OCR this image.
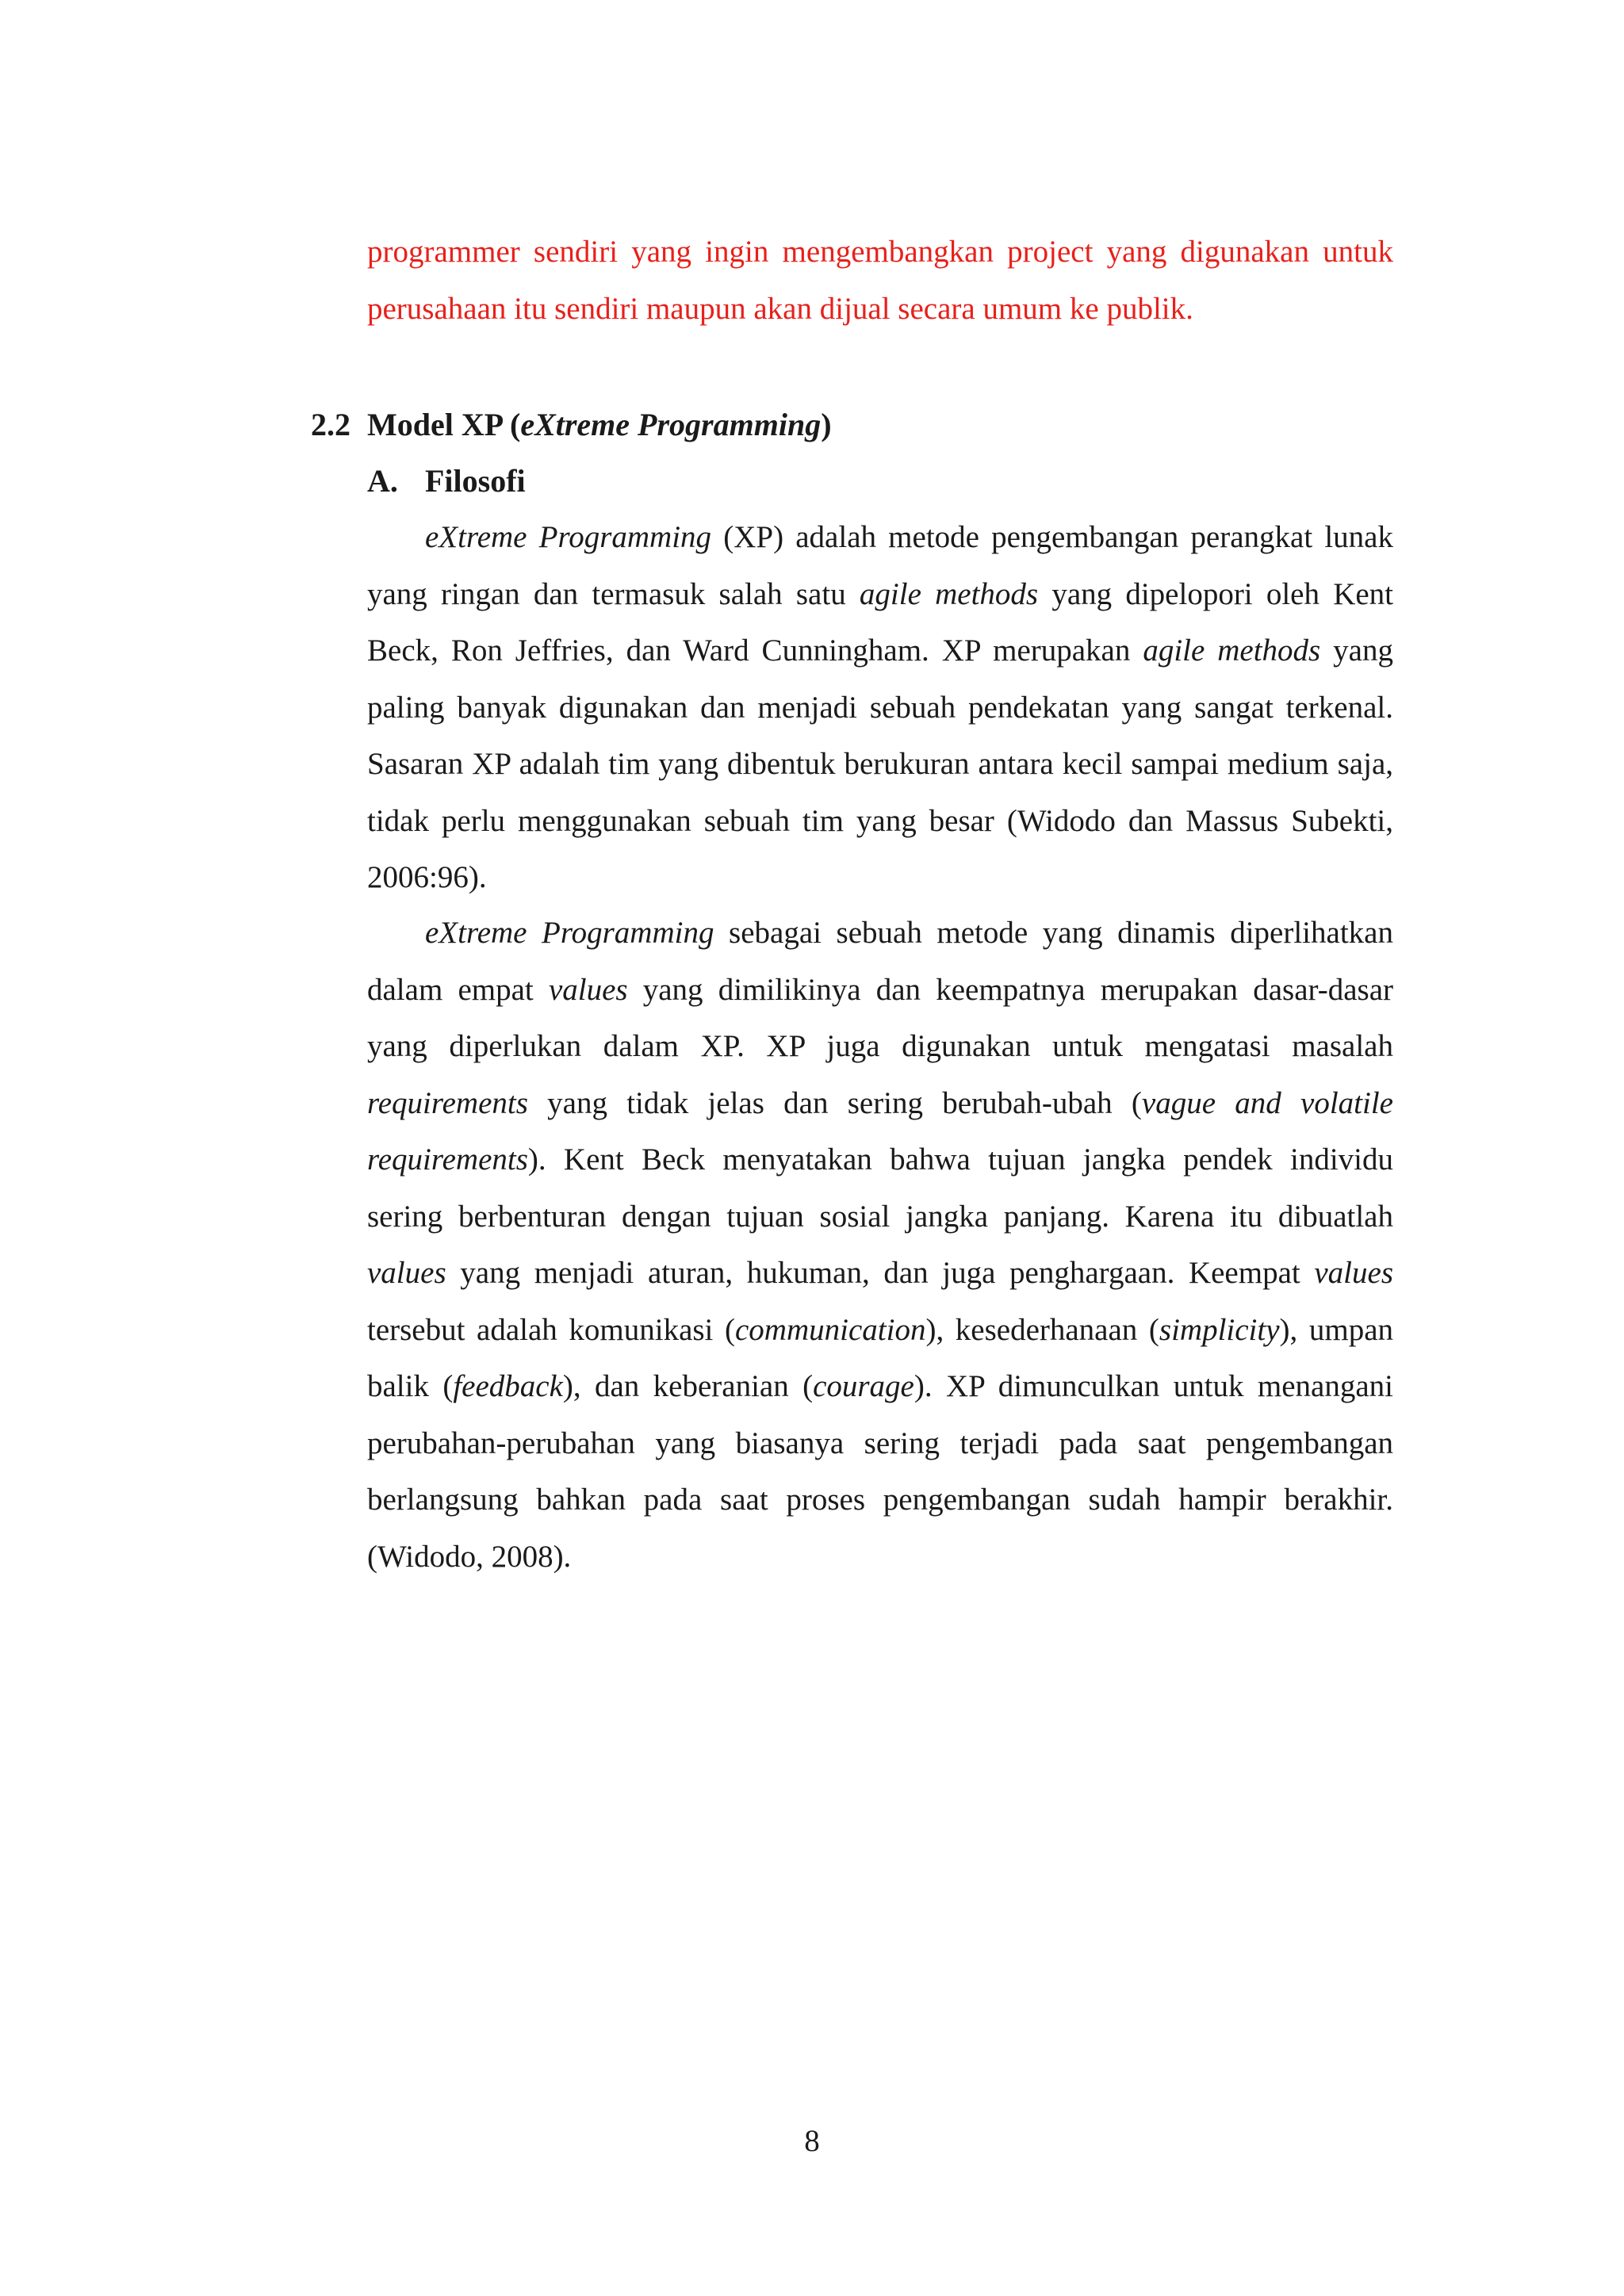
programmer sendiri yang ingin mengembangkan project yang digunakan untuk perusahaan itu sendiri maupun akan dijual secara umum ke publik.

2.2 Model XP (eXtreme Programming)
A. Filosofi

eXtreme Programming (XP) adalah metode pengembangan perangkat lunak yang ringan dan termasuk salah satu agile methods yang dipelopori oleh Kent Beck, Ron Jeffries, dan Ward Cunningham. XP merupakan agile methods yang paling banyak digunakan dan menjadi sebuah pendekatan yang sangat terkenal. Sasaran XP adalah tim yang dibentuk berukuran antara kecil sampai medium saja, tidak perlu menggunakan sebuah tim yang besar (Widodo dan Massus Subekti, 2006:96).

eXtreme Programming sebagai sebuah metode yang dinamis diperlihatkan dalam empat values yang dimilikinya dan keempatnya merupakan dasar-dasar yang diperlukan dalam XP. XP juga digunakan untuk mengatasi masalah requirements yang tidak jelas dan sering berubah-ubah (vague and volatile requirements). Kent Beck menyatakan bahwa tujuan jangka pendek individu sering berbenturan dengan tujuan sosial jangka panjang. Karena itu dibuatlah values yang menjadi aturan, hukuman, dan juga penghargaan. Keempat values tersebut adalah komunikasi (communication), kesederhanaan (simplicity), umpan balik (feedback), dan keberanian (courage). XP dimunculkan untuk menangani perubahan-perubahan yang biasanya sering terjadi pada saat pengembangan berlangsung bahkan pada saat proses pengembangan sudah hampir berakhir. (Widodo, 2008).

8
